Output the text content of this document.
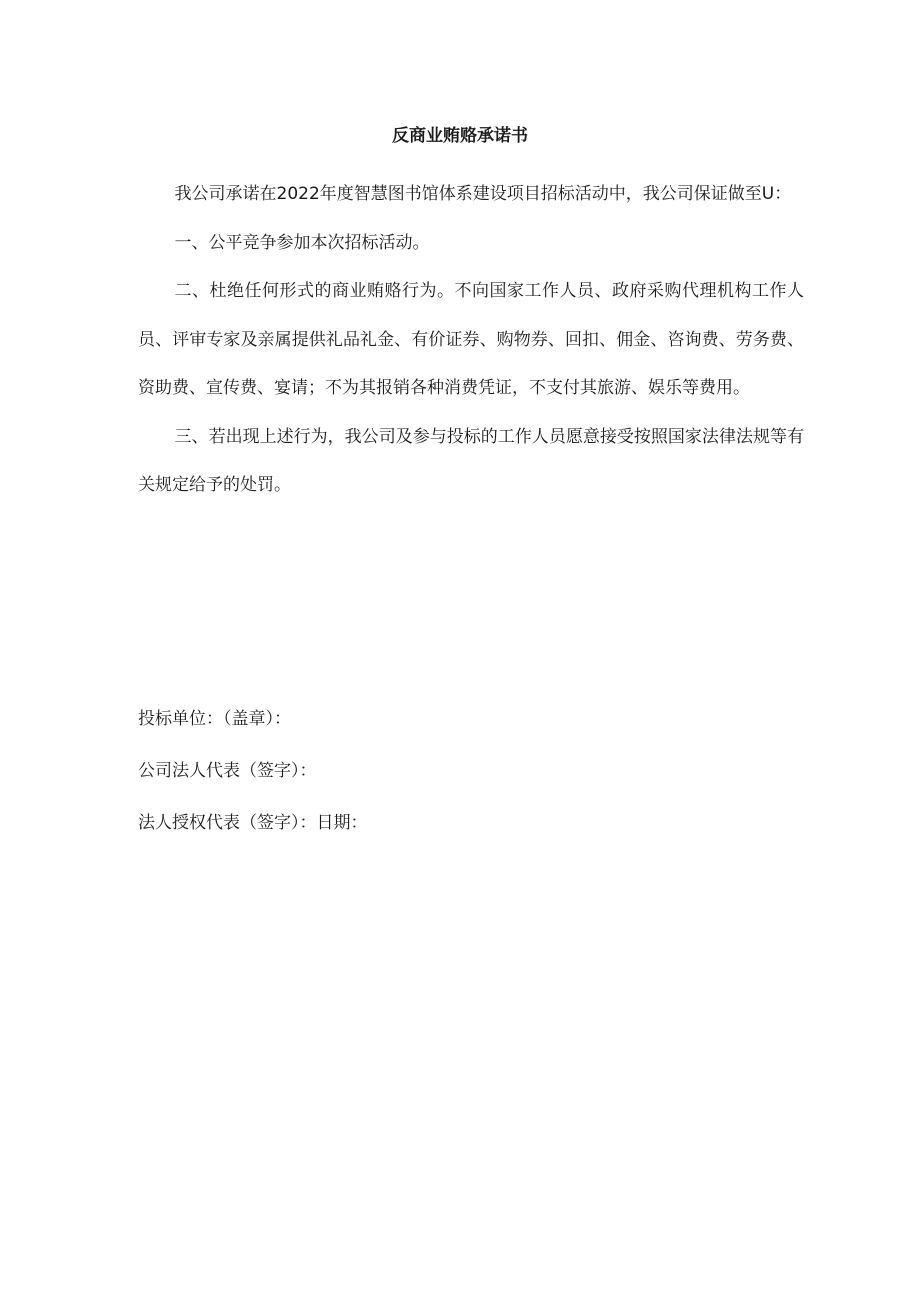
反商业贿赂承诺书

我公司承诺在2022年度智慧图书馆体系建设项目招标活动中，我公司保证做至U：

一、公平竞争参加本次招标活动。

二、杜绝任何形式的商业贿赂行为。不向国家工作人员、政府采购代理机构工作人员、评审专家及亲属提供礼品礼金、有价证券、购物券、回扣、佣金、咨询费、劳务费、资助费、宣传费、宴请；不为其报销各种消费凭证，不支付其旅游、娱乐等费用。

三、若出现上述行为，我公司及参与投标的工作人员愿意接受按照国家法律法规等有关规定给予的处罚。

投标单位：（盖章）：

公司法人代表（签字）：

法人授权代表（签字）：日期：
